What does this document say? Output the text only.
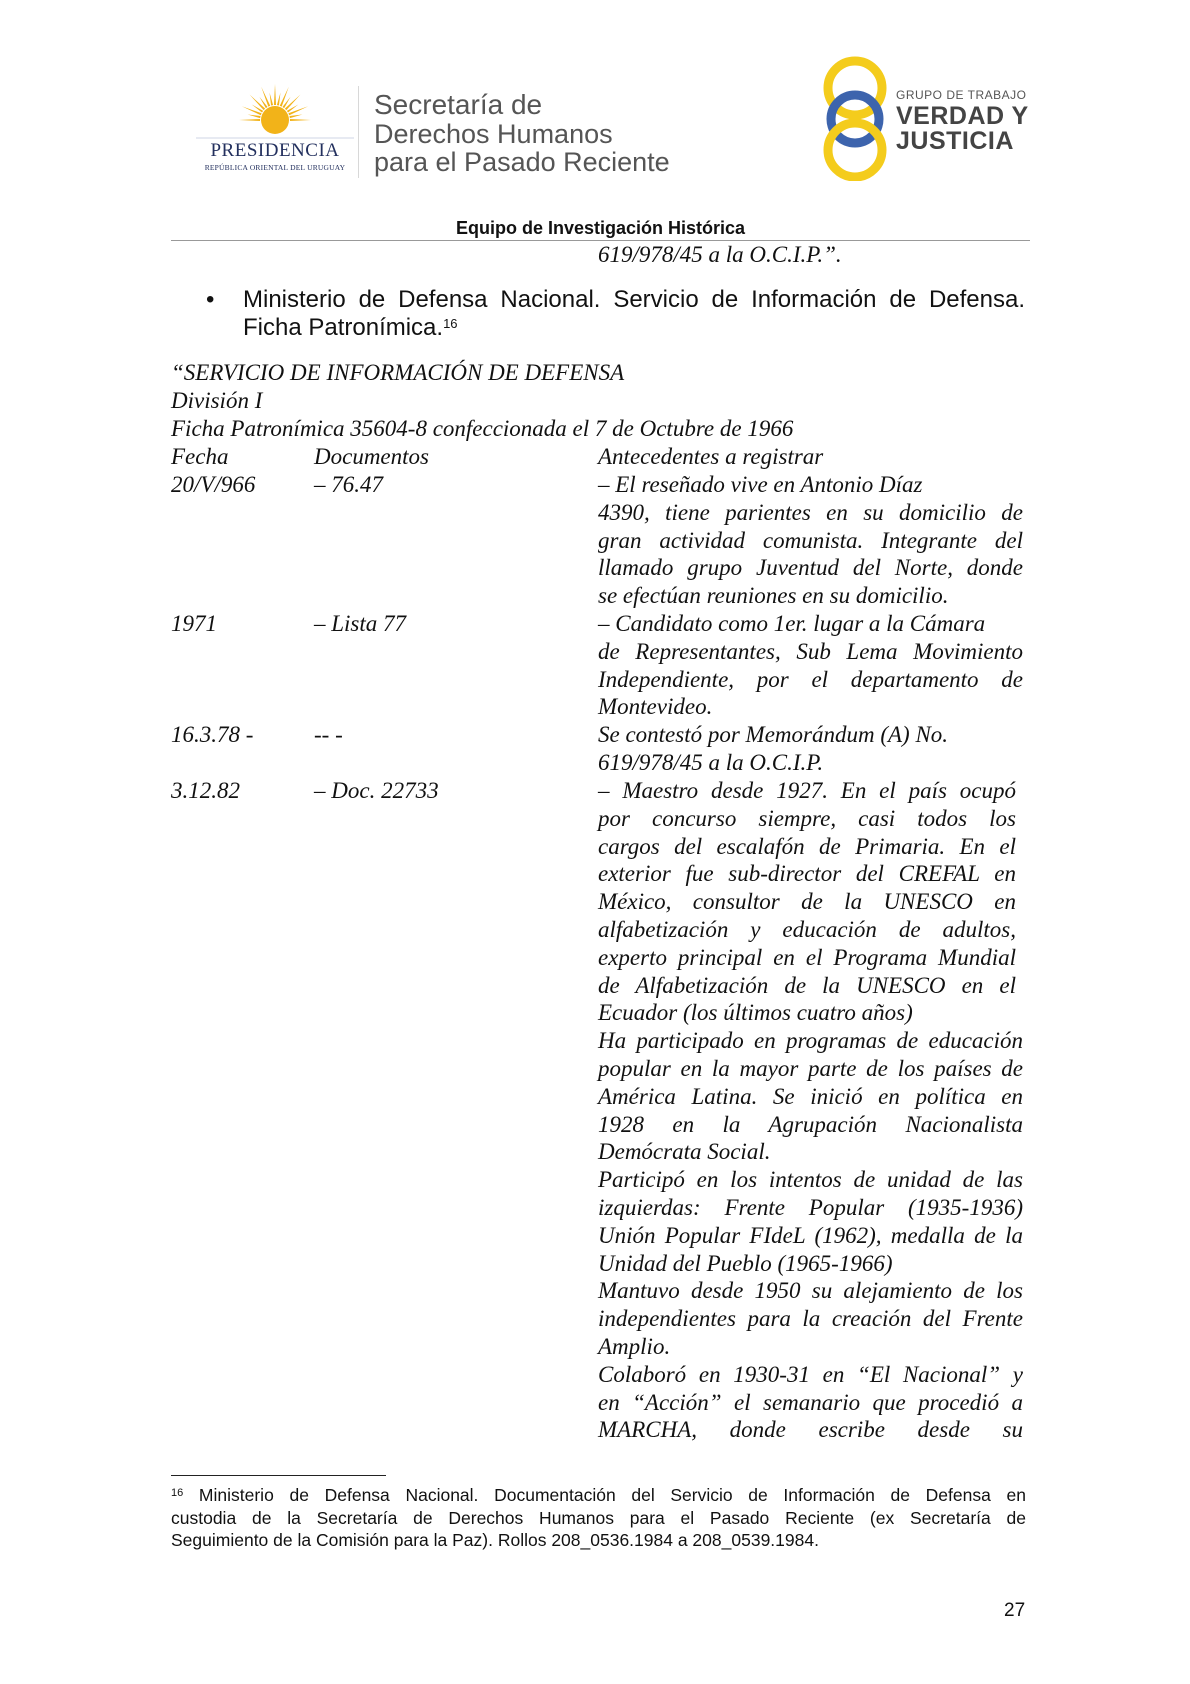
PRESIDENCIA
REPÚBLICA ORIENTAL DEL URUGUAY
Secretaría de
Derechos Humanos
para el Pasado Reciente
GRUPO DE TRABAJO
VERDAD Y
JUSTICIA
Equipo de Investigación Histórica
619/978/45 a la O.C.I.P.”.
• Ministerio de Defensa Nacional. Servicio de Información de Defensa.
Ficha Patronímica.$^{16}$
“SERVICIO DE INFORMACIÓN DE DEFENSA
División I
Ficha Patronímica 35604-8 confeccionada el 7 de Octubre de 1966
Fecha	Documentos	Antecedentes a registrar
20/V/966	– 76.47	– El reseñado vive en Antonio Díaz
4390, tiene parientes en su domicilio de
gran actividad comunista. Integrante del
llamado grupo Juventud del Norte, donde
se efectúan reuniones en su domicilio.
1971	– Lista 77	– Candidato como 1er. lugar a la Cámara
de Representantes, Sub Lema Movimiento
Independiente, por el departamento de
Montevideo.
16.3.78 -	-- -	Se contestó por Memorándum (A) No.
619/978/45 a la O.C.I.P.
3.12.82	– Doc. 22733	– Maestro desde 1927. En el país ocupó
por concurso siempre, casi todos los
cargos del escalafón de Primaria. En el
exterior fue sub-director del CREFAL en
México, consultor de la UNESCO en
alfabetización y educación de adultos,
experto principal en el Programa Mundial
de Alfabetización de la UNESCO en el
Ecuador (los últimos cuatro años)
Ha participado en programas de educación
popular en la mayor parte de los países de
América Latina. Se inició en política en
1928 en la Agrupación Nacionalista
Demócrata Social.
Participó en los intentos de unidad de las
izquierdas: Frente Popular (1935-1936)
Unión Popular FIdeL (1962), medalla de la
Unidad del Pueblo (1965-1966)
Mantuvo desde 1950 su alejamiento de los
independientes para la creación del Frente
Amplio.
Colaboró en 1930-31 en “El Nacional” y
en “Acción” el semanario que procedió a
MARCHA, donde escribe desde su
$^{16}$ Ministerio de Defensa Nacional. Documentación del Servicio de Información de Defensa en
custodia de la Secretaría de Derechos Humanos para el Pasado Reciente (ex Secretaría de
Seguimiento de la Comisión para la Paz). Rollos 208_0536.1984 a 208_0539.1984.
27
